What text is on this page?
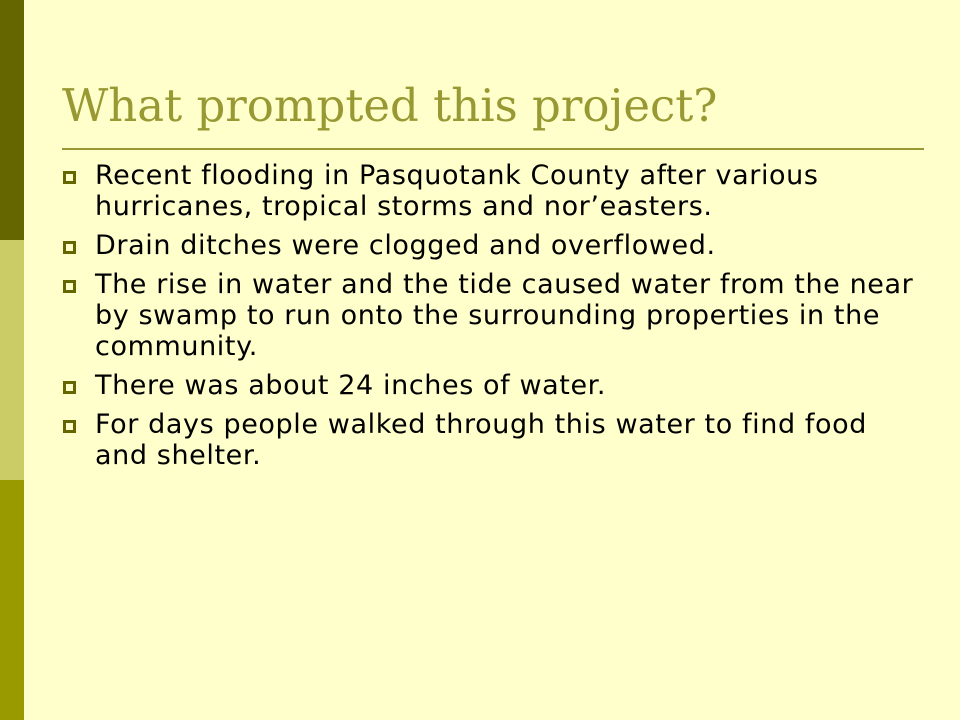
What prompted this project?
Recent flooding in Pasquotank County after various hurricanes, tropical storms and nor’easters.
Drain ditches were clogged and overflowed.
The rise in water and the tide caused water from the near by swamp to run onto the surrounding properties in the community.
There was about 24 inches of water.
For days people walked through this water to find food and shelter.
